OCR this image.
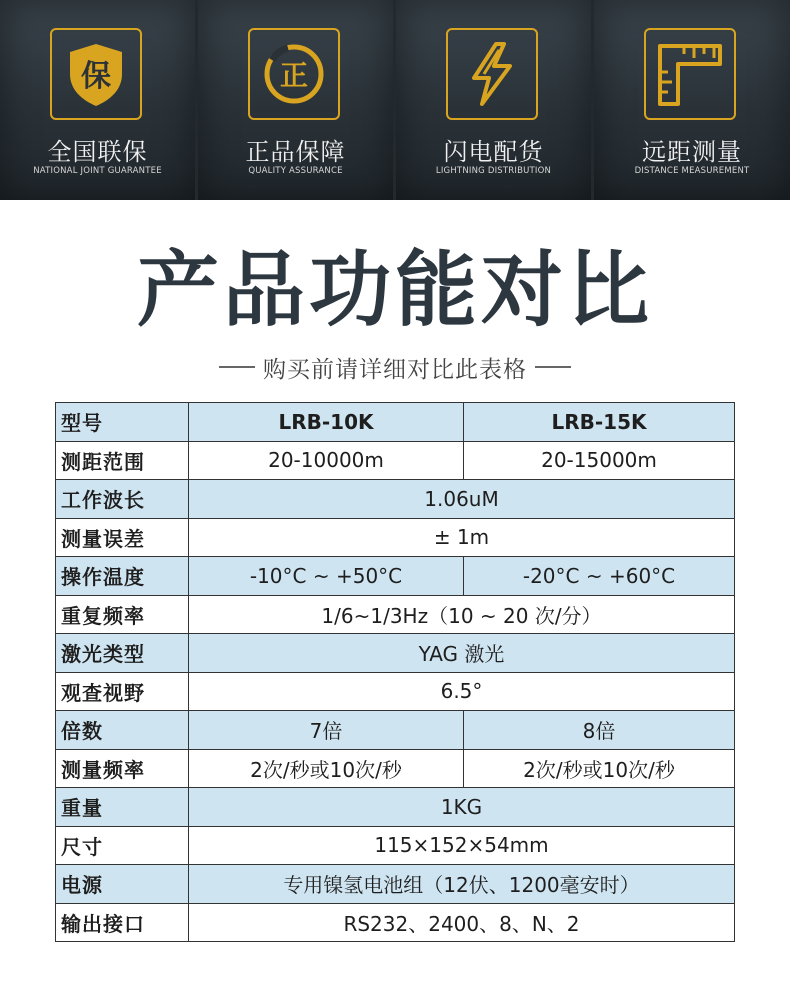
保
全国联保
NATIONAL JOINT GUARANTEE
正
正品保障
QUALITY ASSURANCE
闪电配货
LIGHTNING DISTRIBUTION
远距测量
DISTANCE MEASUREMENT
产品功能对比
购买前请详细对比此表格
型号	LRB-10K	LRB-15K
测距范围	20-10000m	20-15000m
工作波长	1.06uM	
测量误差	± 1m	
操作温度	-10°C ~ +50°C	-20°C ~ +60°C
重复频率	1/6~1/3Hz（10 ~ 20 次/分）	
激光类型	YAG 激光	
观查视野	6.5°	
倍数	7倍	8倍
测量频率	2次/秒或10次/秒	2次/秒或10次/秒
重量	1KG	
尺寸	115×152×54mm	
电源	专用镍氢电池组（12伏、1200毫安时）	
输出接口	RS232、2400、8、N、2	
